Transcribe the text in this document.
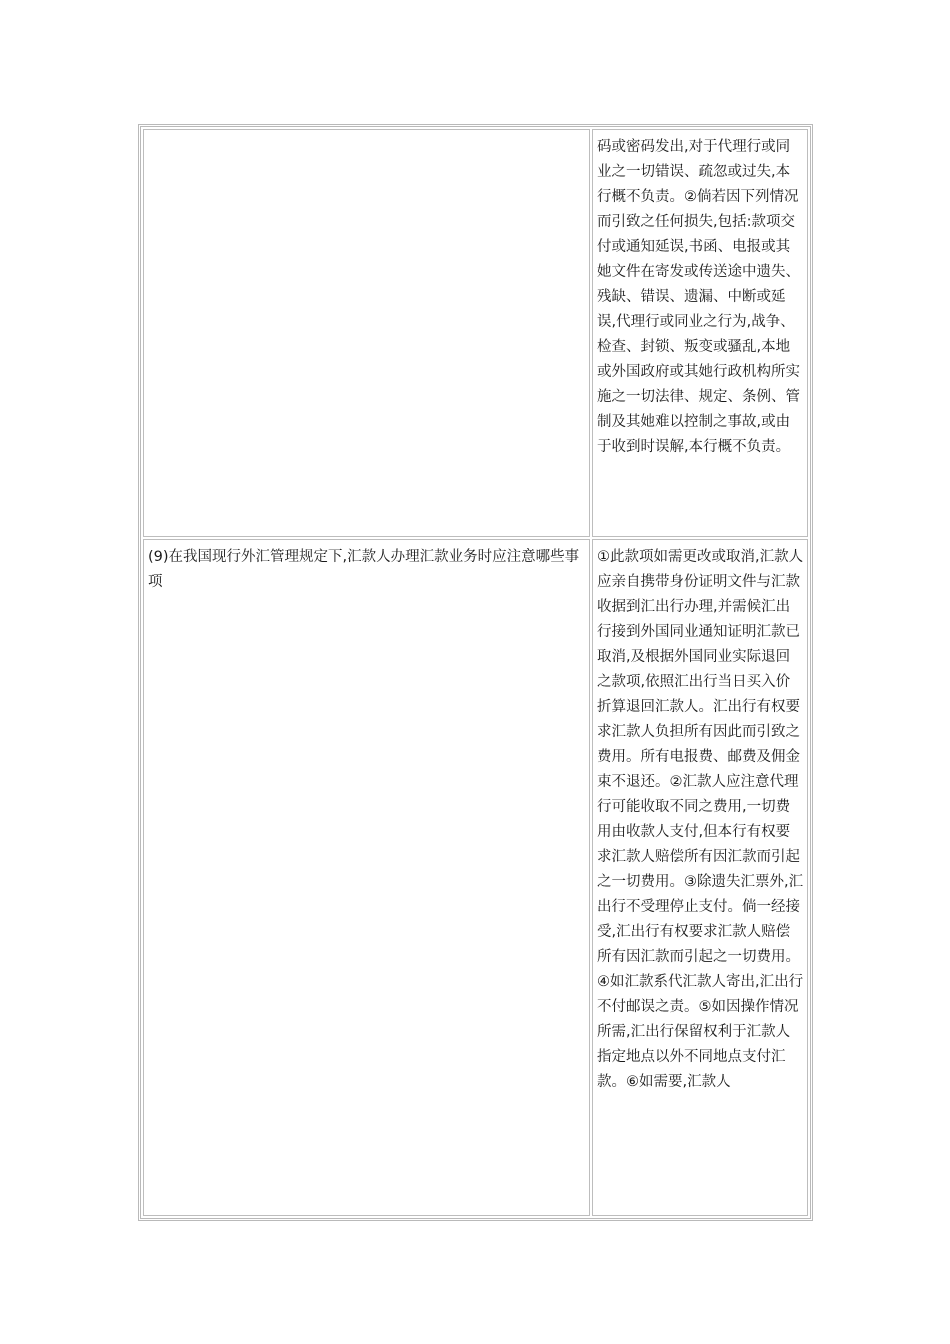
	码或密码发出,对于代理行或同业之一切错误、疏忽或过失,本行概不负责。②倘若因下列情况而引致之任何损失,包括:款项交付或通知延误,书函、电报或其她文件在寄发或传送途中遗失、残缺、错误、遗漏、中断或延误,代理行或同业之行为,战争、检查、封锁、叛变或骚乱,本地或外国政府或其她行政机构所实施之一切法律、规定、条例、管制及其她难以控制之事故,或由于收到时误解,本行概不负责。
(9)在我国现行外汇管理规定下,汇款人办理汇款业务时应注意哪些事项	①此款项如需更改或取消,汇款人应亲自携带身份证明文件与汇款收据到汇出行办理,并需候汇出行接到外国同业通知证明汇款已取消,及根据外国同业实际退回之款项,依照汇出行当日买入价折算退回汇款人。汇出行有权要求汇款人负担所有因此而引致之费用。所有电报费、邮费及佣金束不退还。②汇款人应注意代理行可能收取不同之费用,一切费用由收款人支付,但本行有权要求汇款人赔偿所有因汇款而引起之一切费用。③除遗失汇票外,汇出行不受理停止支付。倘一经接受,汇出行有权要求汇款人赔偿所有因汇款而引起之一切费用。④如汇款系代汇款人寄出,汇出行不付邮误之责。⑤如因操作情况所需,汇出行保留权利于汇款人指定地点以外不同地点支付汇款。⑥如需要,汇款人
